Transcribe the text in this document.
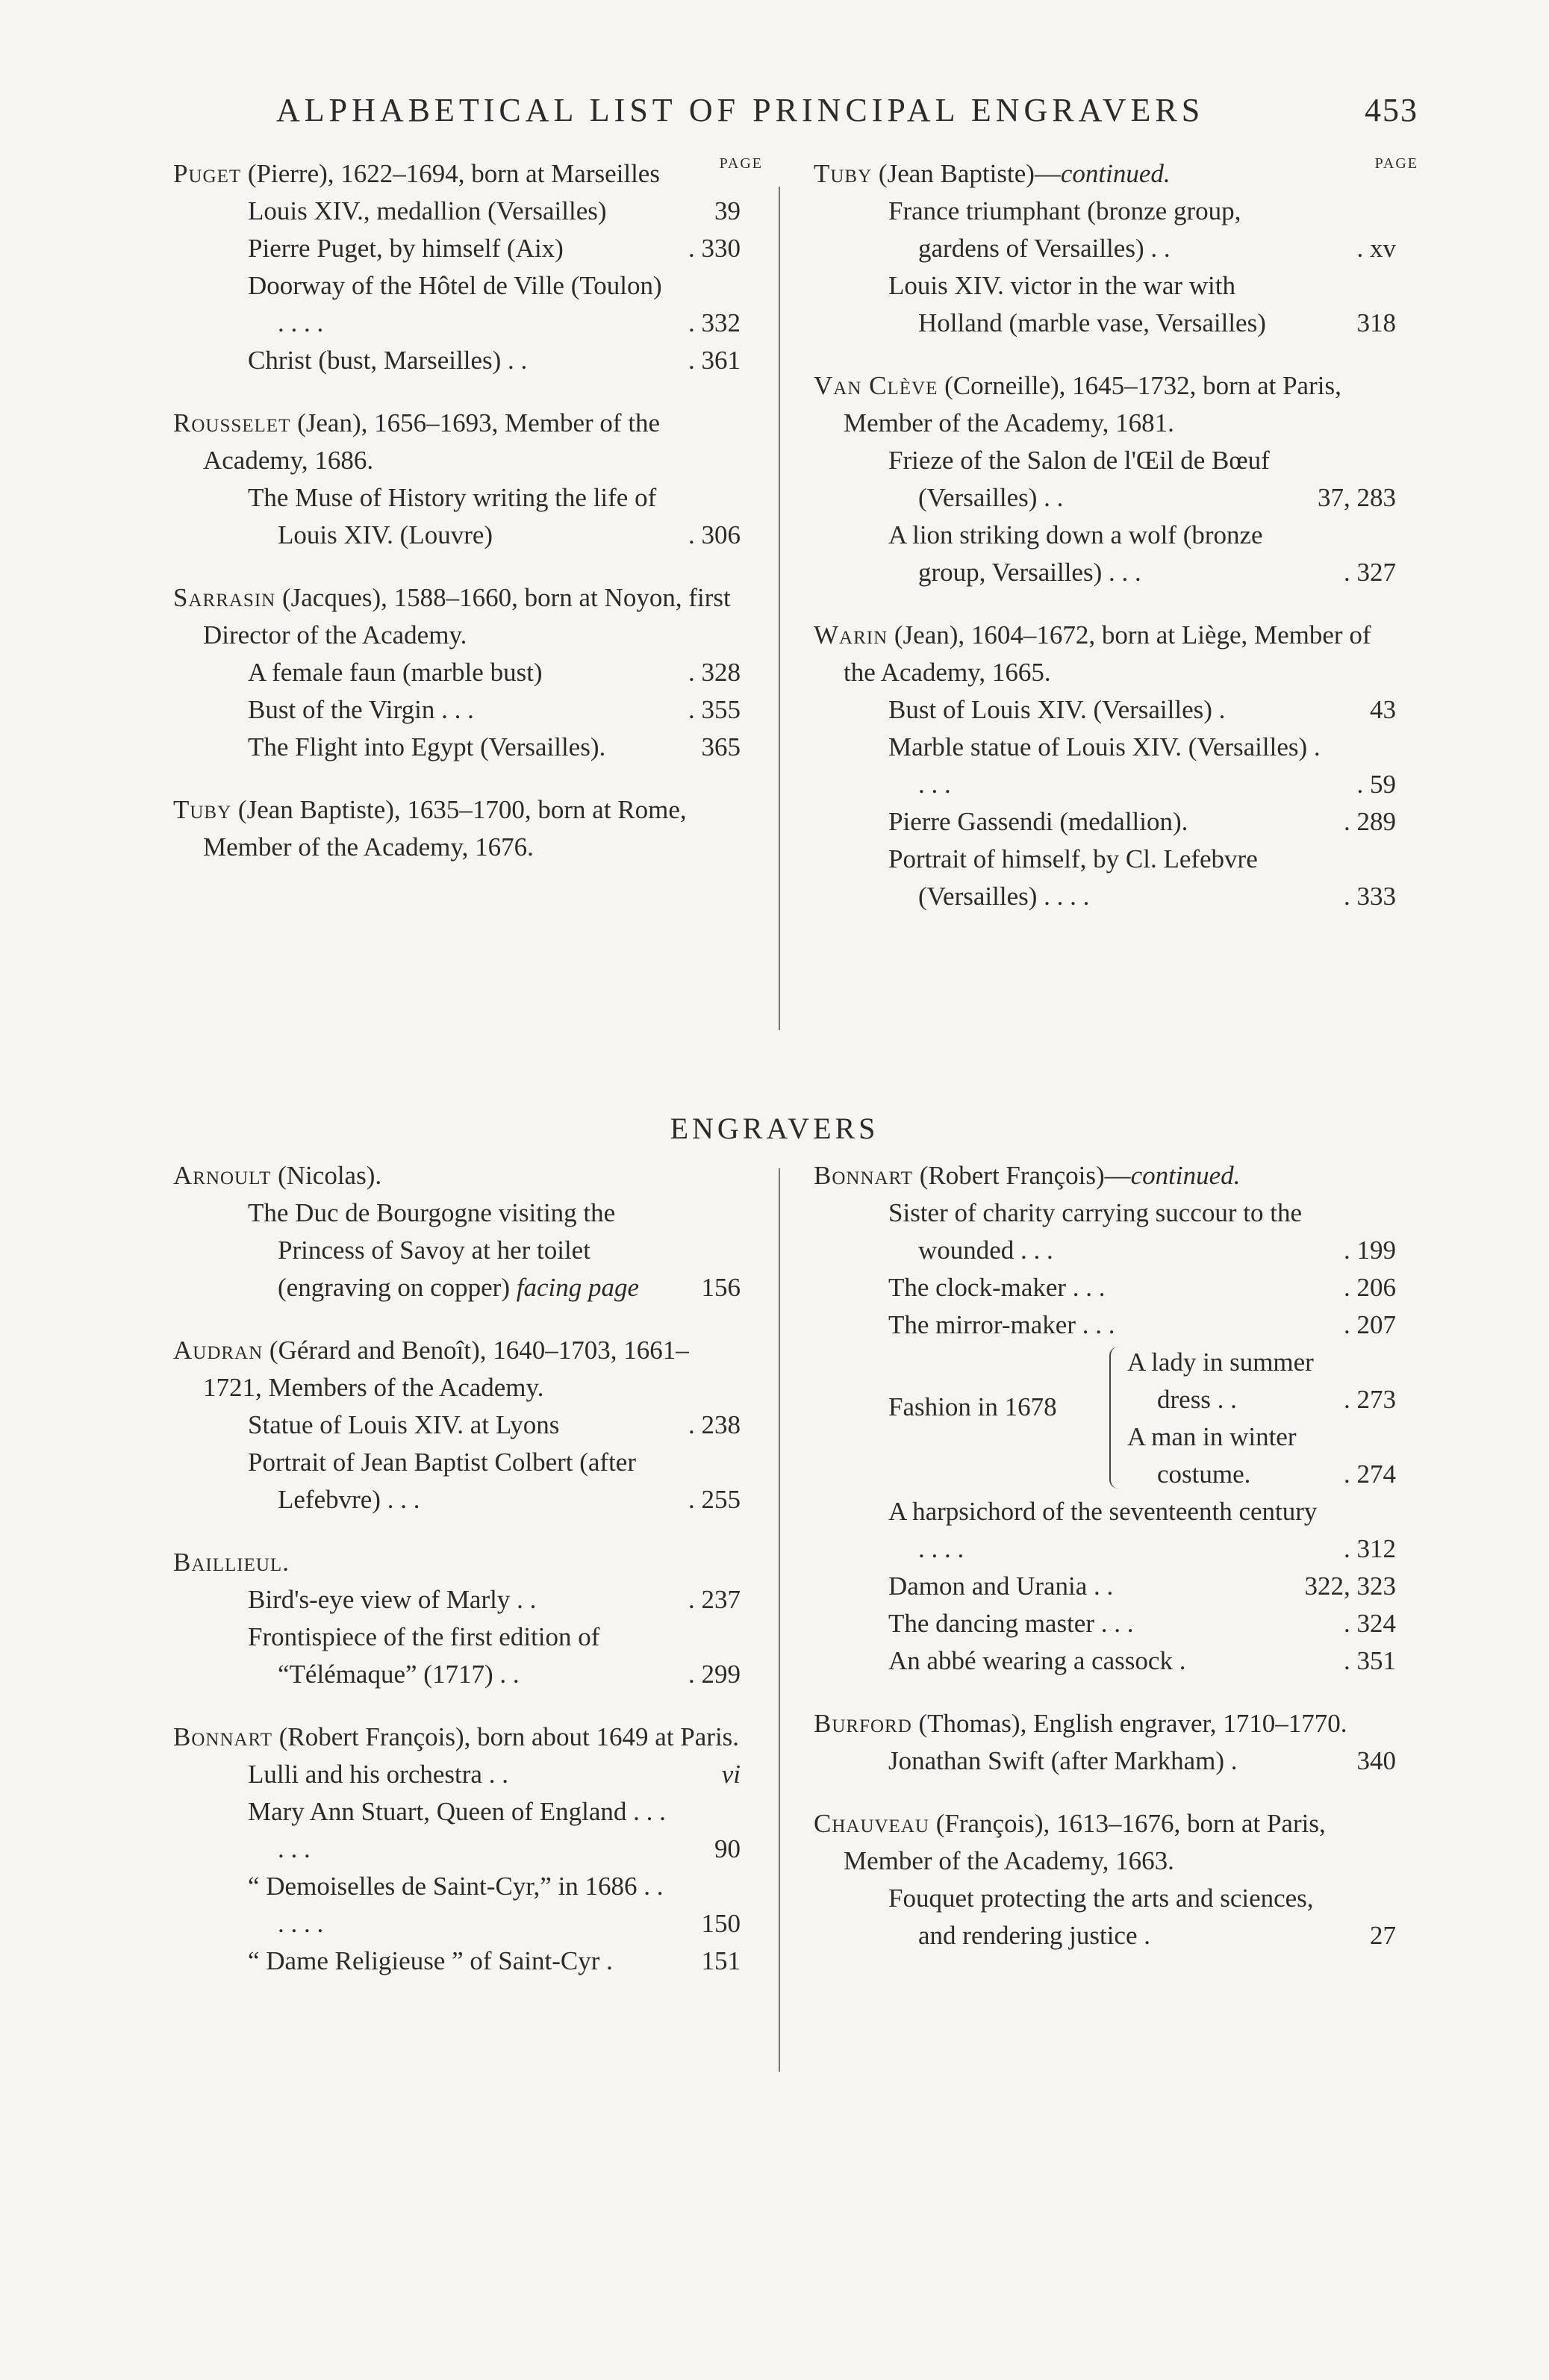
ALPHABETICAL LIST OF PRINCIPAL ENGRAVERS	453
PAGE
Puget (Pierre), 1622–1694, born at Marseilles
Louis XIV., medallion (Versailles)	39
Pierre Puget, by himself (Aix)	. 330
Doorway of the Hôtel de Ville (Toulon) . . . .	. 332
Christ (bust, Marseilles) . .	. 361
Rousselet (Jean), 1656–1693, Member of the Academy, 1686.
The Muse of History writing the life of Louis XIV. (Louvre)	. 306
Sarrasin (Jacques), 1588–1660, born at Noyon, first Director of the Academy.
A female faun (marble bust)	. 328
Bust of the Virgin . . .	. 355
The Flight into Egypt (Versailles).	365
Tuby (Jean Baptiste), 1635–1700, born at Rome, Member of the Academy, 1676.
PAGE
Tuby (Jean Baptiste)—continued.
France triumphant (bronze group, gardens of Versailles) . .	. xv
Louis XIV. victor in the war with Holland (marble vase, Versailles)	318
Van Clève (Corneille), 1645–1732, born at Paris, Member of the Academy, 1681.
Frieze of the Salon de l'Œil de Bœuf (Versailles) . .	37, 283
A lion striking down a wolf (bronze group, Versailles) . . .	. 327
Warin (Jean), 1604–1672, born at Liège, Member of the Academy, 1665.
Bust of Louis XIV. (Versailles) .	43
Marble statue of Louis XIV. (Versailles) . . . .	. 59
Pierre Gassendi (medallion).	. 289
Portrait of himself, by Cl. Lefebvre (Versailles) . . . .	. 333
ENGRAVERS
Arnoult (Nicolas).
The Duc de Bourgogne visiting the Princess of Savoy at her toilet (engraving on copper) facing page 156
Audran (Gérard and Benoît), 1640–1703, 1661–1721, Members of the Academy.
Statue of Louis XIV. at Lyons	. 238
Portrait of Jean Baptist Colbert (after Lefebvre) . . .	. 255
Baillieul.
Bird's-eye view of Marly . .	. 237
Frontispiece of the first edition of “Télémaque” (1717) . .	. 299
Bonnart (Robert François), born about 1649 at Paris.
Lulli and his orchestra . .	vi
Mary Ann Stuart, Queen of England . . . . . .	90
“ Demoiselles de Saint-Cyr,” in 1686 . . . . . .	150
“ Dame Religieuse ” of Saint-Cyr .	151
Bonnart (Robert François)—continued.
Sister of charity carrying succour to the wounded . . .	. 199
The clock-maker . . .	. 206
The mirror-maker . . .	. 207
Fashion in 1678
A lady in summer
dress . .	. 273
A man in winter
costume.	. 274
A harpsichord of the seventeenth century . . . .	. 312
Damon and Urania . .	322, 323
The dancing master . . .	. 324
An abbé wearing a cassock .	. 351
Burford (Thomas), English engraver, 1710–1770.
Jonathan Swift (after Markham) .	340
Chauveau (François), 1613–1676, born at Paris, Member of the Academy, 1663.
Fouquet protecting the arts and sciences, and rendering justice .	27
